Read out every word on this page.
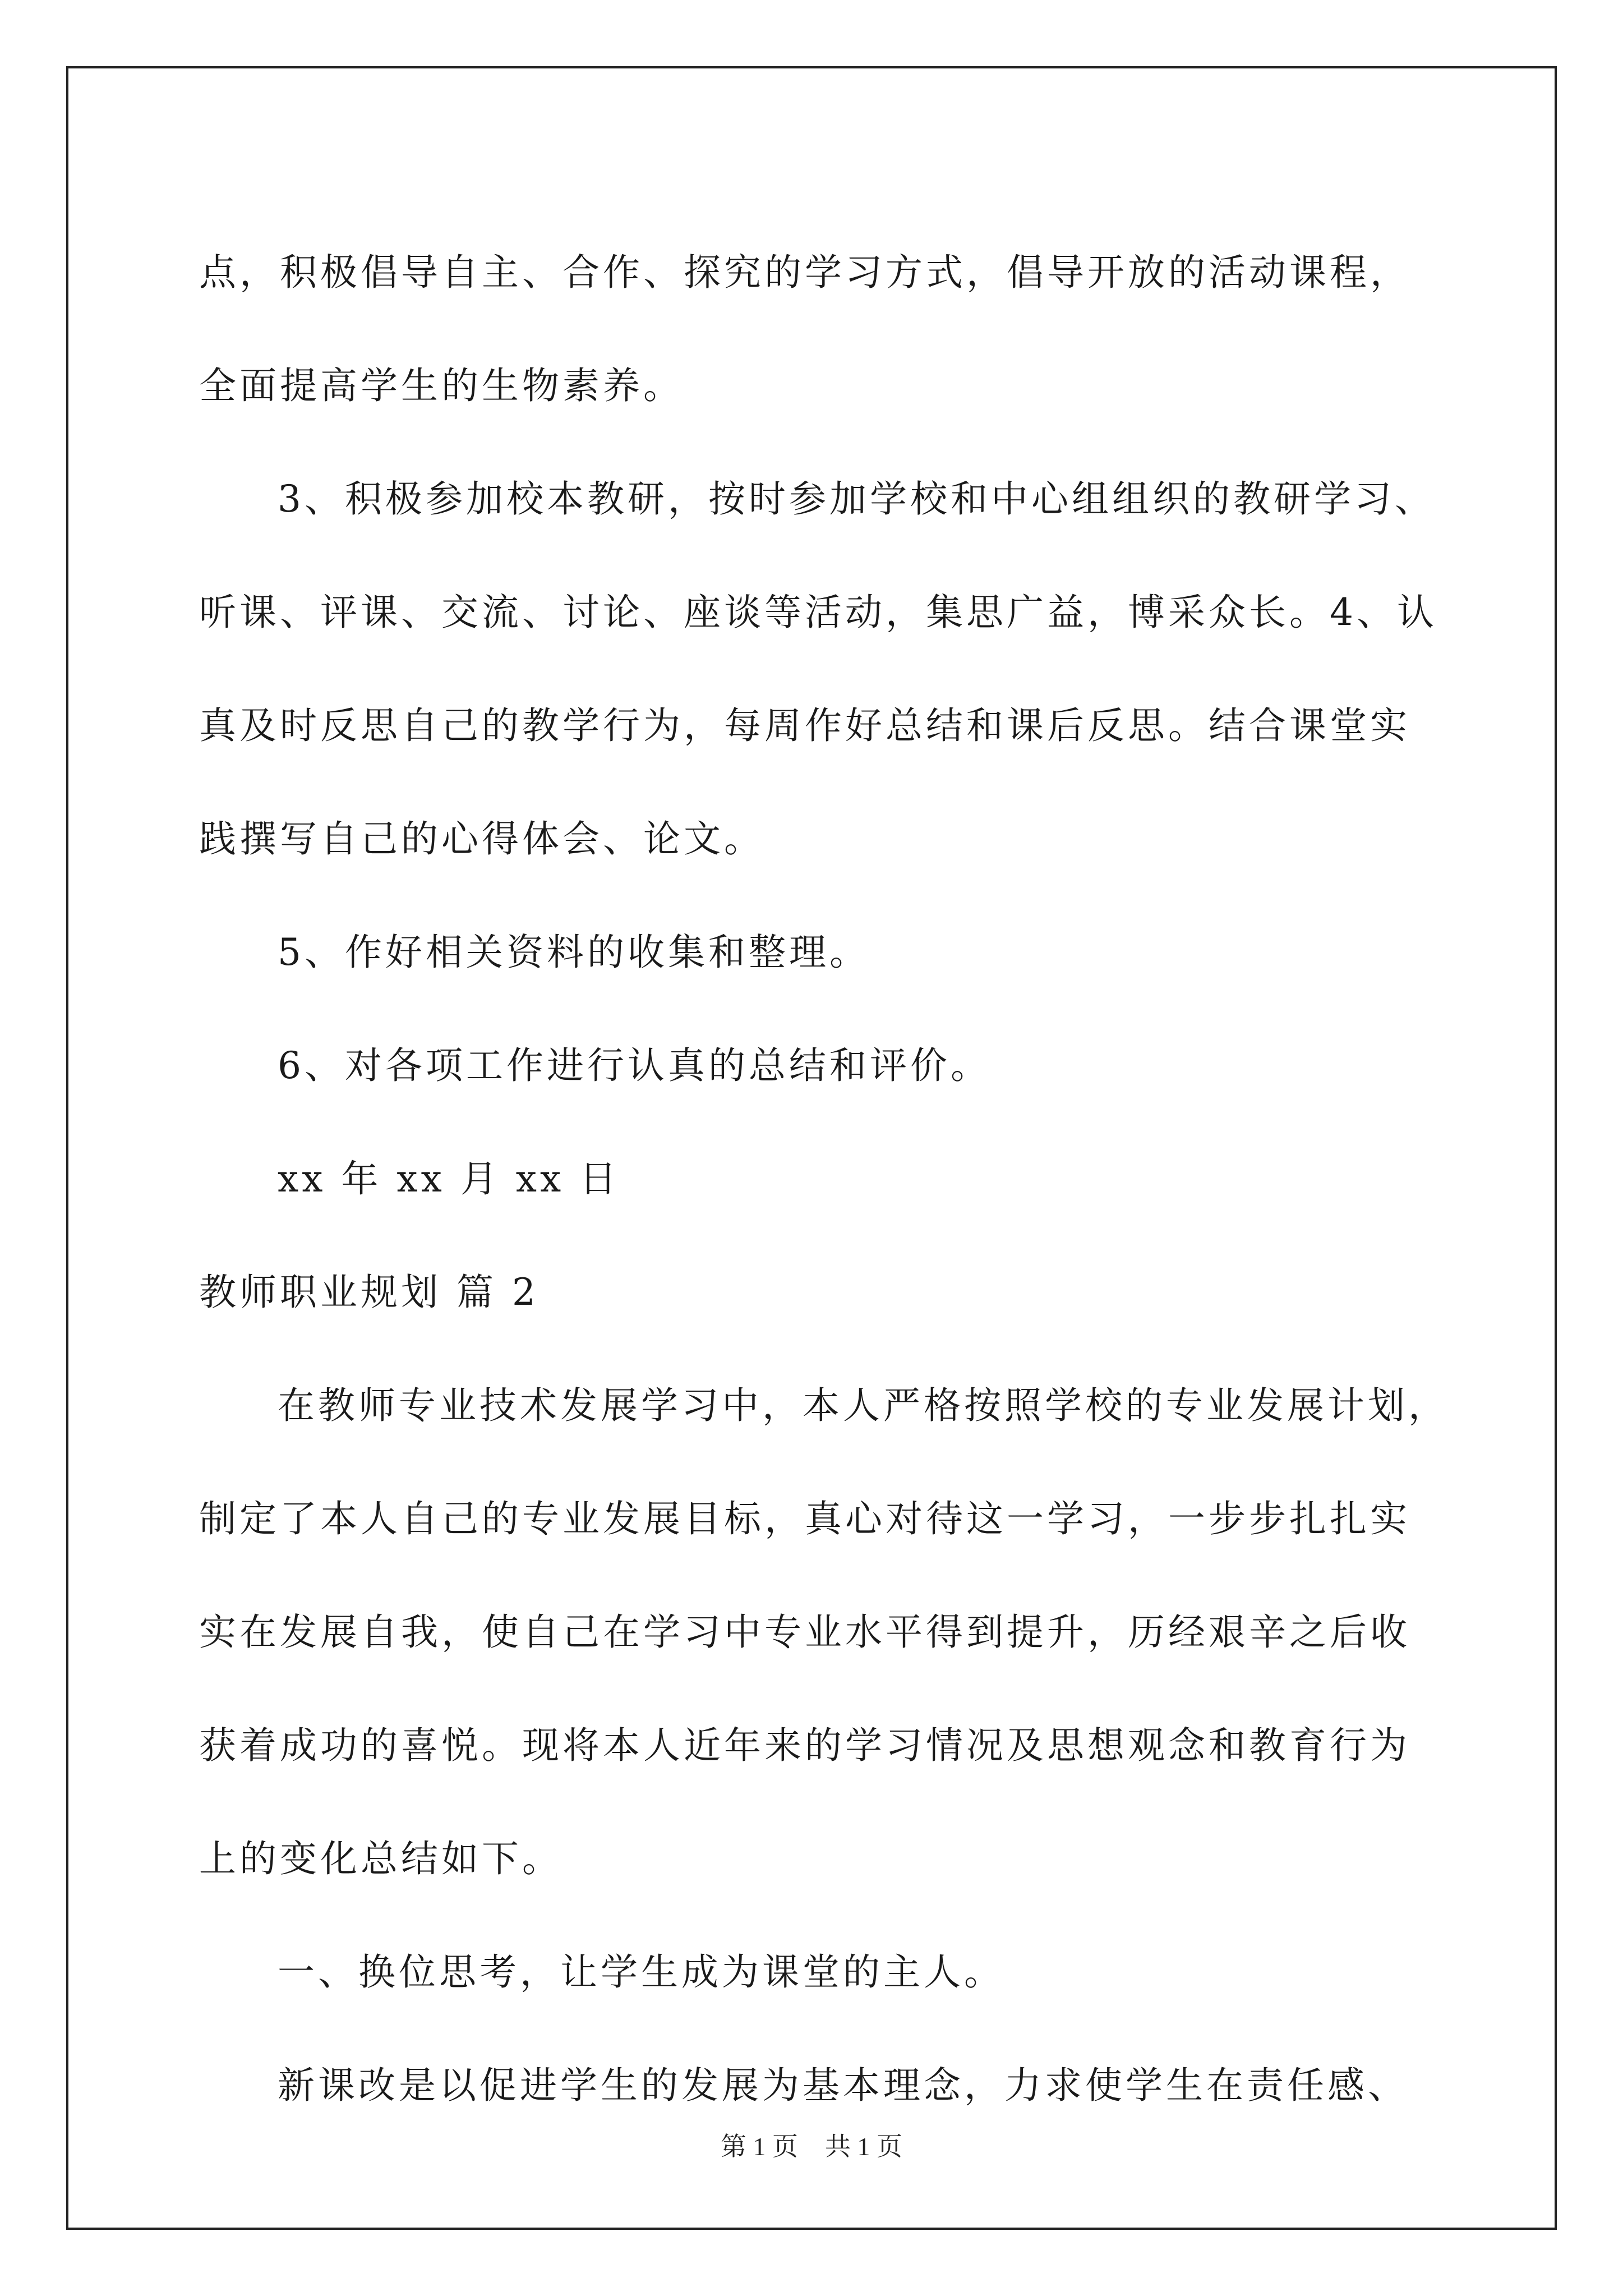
点，积极倡导自主、合作、探究的学习方式，倡导开放的活动课程，
全面提高学生的生物素养。
3、积极参加校本教研，按时参加学校和中心组组织的教研学习、
听课、评课、交流、讨论、座谈等活动，集思广益，博采众长。4、认
真及时反思自己的教学行为，每周作好总结和课后反思。结合课堂实
践撰写自己的心得体会、论文。
5、作好相关资料的收集和整理。
6、对各项工作进行认真的总结和评价。
xx 年 xx 月 xx 日
教师职业规划 篇 2
在教师专业技术发展学习中，本人严格按照学校的专业发展计划，
制定了本人自己的专业发展目标，真心对待这一学习，一步步扎扎实
实在发展自我，使自己在学习中专业水平得到提升，历经艰辛之后收
获着成功的喜悦。现将本人近年来的学习情况及思想观念和教育行为
上的变化总结如下。
一、换位思考，让学生成为课堂的主人。
新课改是以促进学生的发展为基本理念，力求使学生在责任感、
第 1 页 共 1 页
